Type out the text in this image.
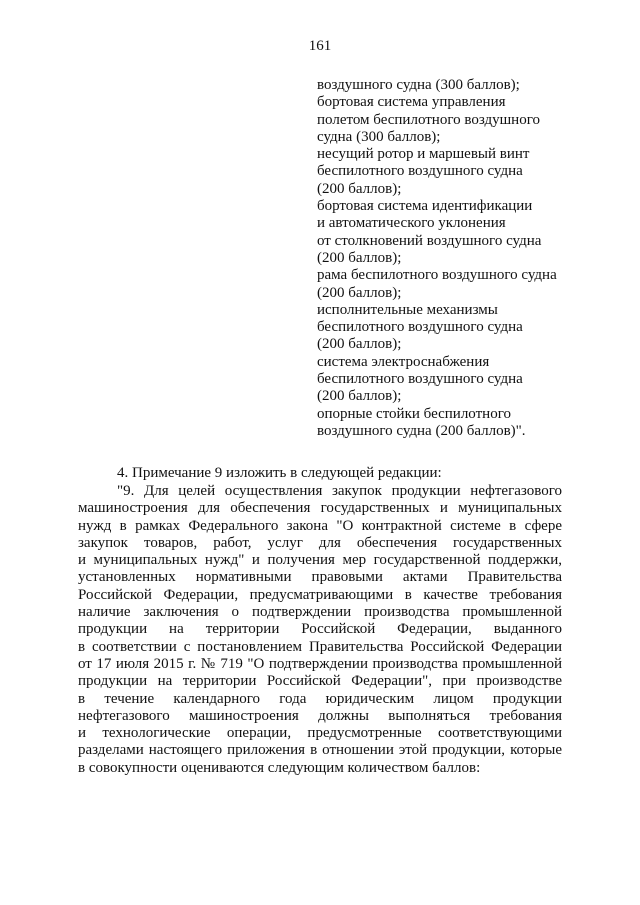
161
воздушного судна (300 баллов);
бортовая система управления
полетом беспилотного воздушного
судна (300 баллов);
несущий ротор и маршевый винт
беспилотного воздушного судна
(200 баллов);
бортовая система идентификации
и автоматического уклонения
от столкновений воздушного судна
(200 баллов);
рама беспилотного воздушного судна
(200 баллов);
исполнительные механизмы
беспилотного воздушного судна
(200 баллов);
система электроснабжения
беспилотного воздушного судна
(200 баллов);
опорные стойки беспилотного
воздушного судна (200 баллов)".
4. Примечание 9 изложить в следующей редакции:
"9. Для целей осуществления закупок продукции нефтегазового
машиностроения для обеспечения государственных и муниципальных
нужд в рамках Федерального закона "О контрактной системе в сфере
закупок товаров, работ, услуг для обеспечения государственных
и муниципальных нужд" и получения мер государственной поддержки,
установленных нормативными правовыми актами Правительства
Российской Федерации, предусматривающими в качестве требования
наличие заключения о подтверждении производства промышленной
продукции на территории Российской Федерации, выданного
в соответствии с постановлением Правительства Российской Федерации
от 17 июля 2015 г. № 719 "О подтверждении производства промышленной
продукции на территории Российской Федерации", при производстве
в течение календарного года юридическим лицом продукции
нефтегазового машиностроения должны выполняться требования
и технологические операции, предусмотренные соответствующими
разделами настоящего приложения в отношении этой продукции, которые
в совокупности оцениваются следующим количеством баллов:
